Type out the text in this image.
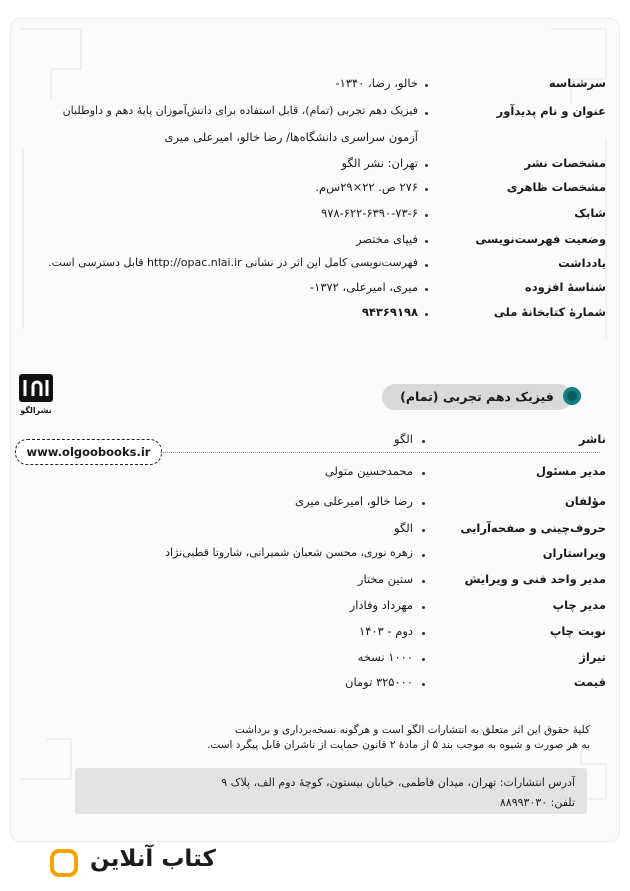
سرشناسه
خالو، رضا، ۱۳۴۰-
عنوان و نام پدیدآور
فیزیک دهم تجربی (تمام)، قابل استفاده برای دانش‌آموزان پایهٔ دهم و داوطلبان
آزمون سراسری دانشگاه‌ها/ رضا خالو، امیرعلی میری
مشخصات نشر
تهران: نشر الگو
مشخصات ظاهری
۲۷۶ ص. ۲۲×۲۹س‌م.
شابک
۹۷۸-۶۲۲-۶۳۹۰-۷۳-۶
وضعیت فهرست‌نویسی
فیپای مختصر
یادداشت
فهرست‌نویسی کامل این اثر در نشانی http://opac.nlai.ir قابل دسترسی است.
شناسهٔ افزوده
میری، امیرعلی، ۱۳۷۲-
شمارهٔ کتابخانهٔ ملی
۹۴۳۶۹۱۹۸
نشرالگو
فیزیک دهم تجربی (تمام)
www.olgoobooks.ir
ناشر
الگو
مدیر مسئول
محمدحسین متولی
مؤلفان
رضا خالو، امیرعلی میری
حروف‌چینی و صفحه‌آرایی
الگو
ویراستاران
زهره نوری، محسن شعبان شمیرانی، شاروتا قطبی‌نژاد
مدیر واحد فنی و ویرایش
ستین مختار
مدیر چاپ
مهرداد وفادار
نوبت چاپ
دوم - ۱۴۰۳
تیراژ
۱۰۰۰ نسخه
قیمت
۳۲۵۰۰۰ تومان
کلیهٔ حقوق این اثر متعلق به انتشارات الگو است و هرگونه نسخه‌برداری و برداشت
به هر صورت و شیوه به موجب بند ۵ از مادهٔ ۲ قانون حمایت از ناشران قابل پیگرد است.
آدرس انتشارات: تهران، میدان فاطمی، خیابان بیستون، کوچهٔ دوم الف، پلاک ۹
تلفن: ۸۸۹۹۳۰۳۰
کتاب آنلاین
